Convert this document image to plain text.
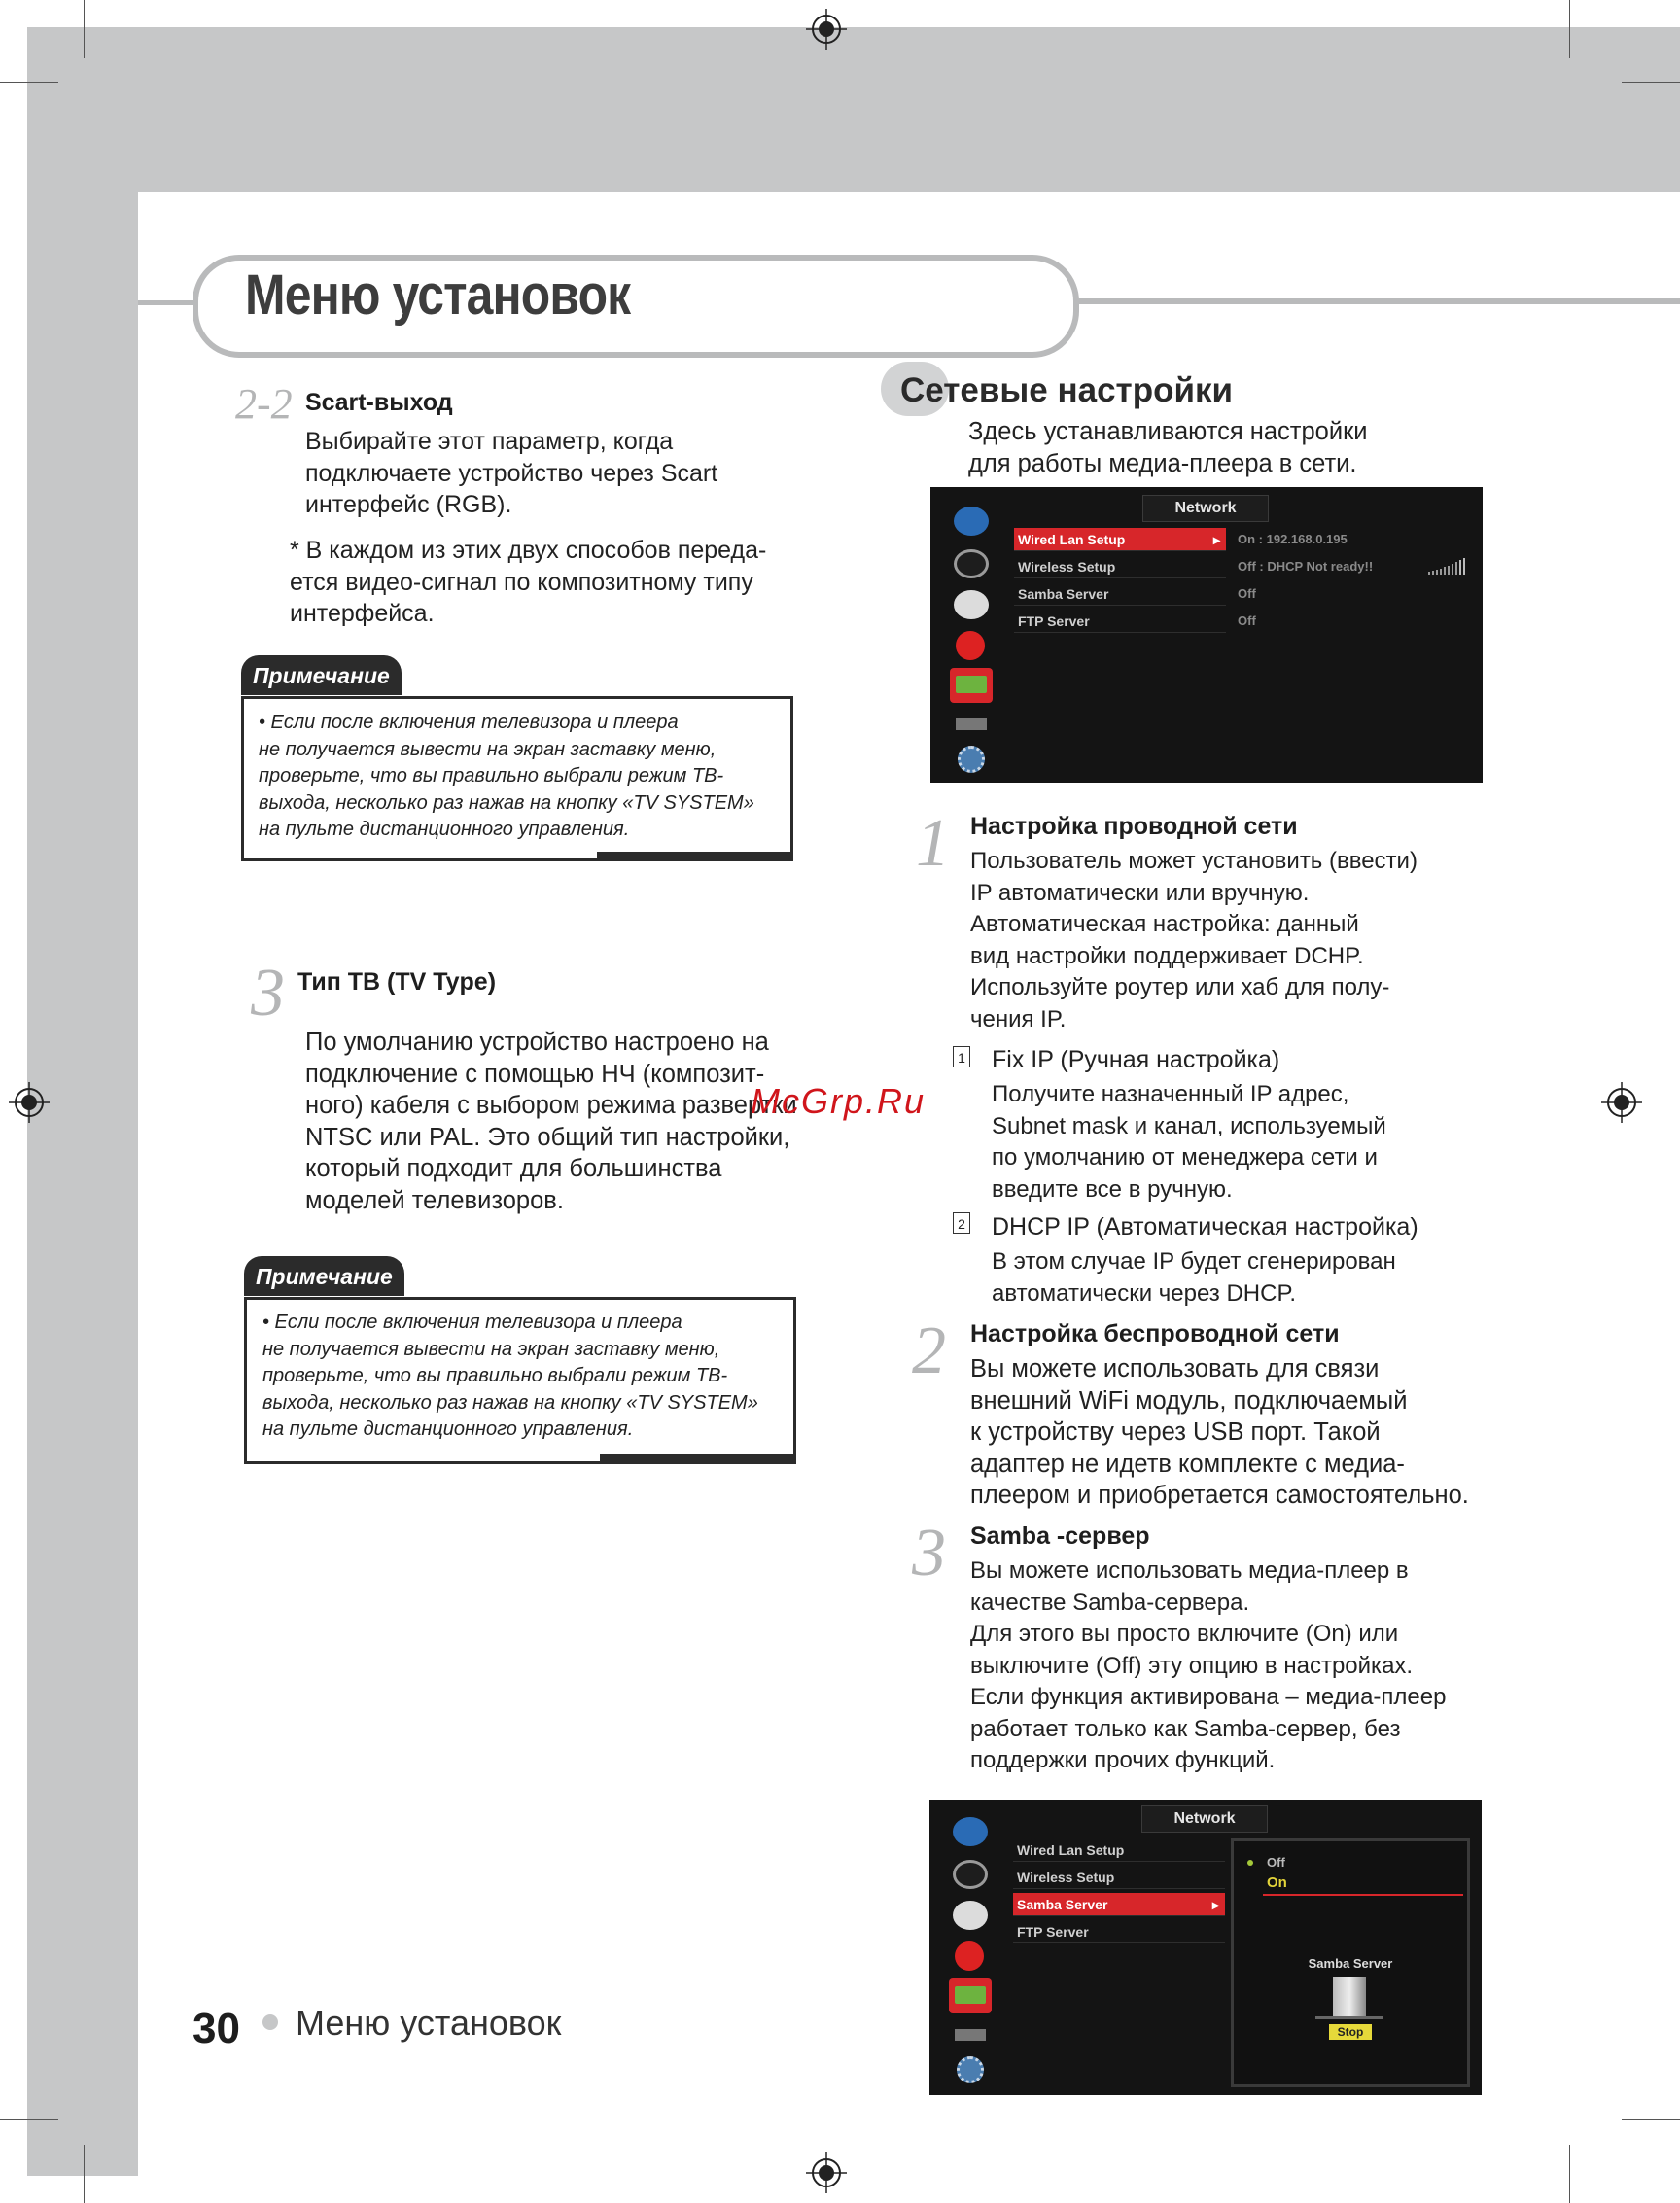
Меню установок
2-2 Scart-выход
Выбирайте этот параметр, когда
подключаете устройство через Scart
интерфейс (RGB).
* В каждом из этих двух способов переда-
ется видео-сигнал по композитному типу
интерфейса.
Примечание
• Если после включения телевизора и плеера
не получается вывести на экран заставку меню,
проверьте, что вы правильно выбрали режим ТВ-
выхода, несколько раз нажав на кнопку «TV SYSTEM»
на пульте дистанционного управления.
3 Тип ТВ (TV Type)
По умолчанию устройство настроено на
подключение с помощью НЧ (композит-
ного) кабеля с выбором режима развертки
NTSC или PAL. Это общий тип настройки,
который подходит для большинства
моделей телевизоров.
Примечание
• Если после включения телевизора и плеера
не получается вывести на экран заставку меню,
проверьте, что вы правильно выбрали режим ТВ-
выхода, несколько раз нажав на кнопку «TV SYSTEM»
на пульте дистанционного управления.
McGrp.Ru
Сетевые настройки
Здесь устанавливаются настройки
для работы медиа-плеера в сети.
Network
Wired Lan Setup	▸
Wireless Setup
Samba Server
FTP Server
On : 192.168.0.195
Off : DHCP Not ready!!
Off
Off
1 Настройка проводной сети
Пользователь может установить (ввести)
IP автоматически или вручную.
Автоматическая настройка: данный
вид настройки поддерживает DCHP.
Используйте роутер или хаб для полу-
чения IP.
1 Fix IP (Ручная настройка)
Получите назначенный IP адрес,
Subnet mask и канал, используемый
по умолчанию от менеджера сети и
введите все в ручную.
2 DHCP IP (Автоматическая настройка)
В этом случае IP будет сгенерирован
автоматически через DHCP.
2 Настройка беспроводной сети
Вы можете использовать для связи
внешний WiFi модуль, подключаемый
к устройству через USB порт. Такой
адаптер не идетв комплекте с медиа-
плеером и приобретается самостоятельно.
3 Samba -сервер
Вы можете использовать медиа-плеер в
качестве Samba-сервера.
Для этого вы просто включите (On) или
выключите (Off) эту опцию в настройках.
Если функция активирована – медиа-плеер
работает только как Samba-сервер, без
поддержки прочих функций.
Network
Wired Lan Setup
Wireless Setup
Samba Server	▸
FTP Server
Off
On
Samba Server
Stop
30 Меню установок
